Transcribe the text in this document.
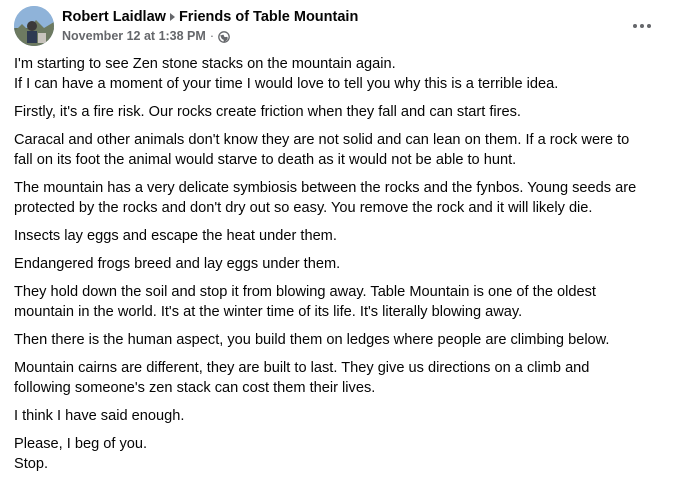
Robert Laidlaw Friends of Table Mountain
November 12 at 1:38 PM ·
I'm starting to see Zen stone stacks on the mountain again.
If I can have a moment of your time I would love to tell you why this is a terrible idea.
Firstly, it's a fire risk. Our rocks create friction when they fall and can start fires.
Caracal and other animals don't know they are not solid and can lean on them. If a rock were to
fall on its foot the animal would starve to death as it would not be able to hunt.
The mountain has a very delicate symbiosis between the rocks and the fynbos. Young seeds are
protected by the rocks and don't dry out so easy. You remove the rock and it will likely die.
Insects lay eggs and escape the heat under them.
Endangered frogs breed and lay eggs under them.
They hold down the soil and stop it from blowing away. Table Mountain is one of the oldest
mountain in the world. It's at the winter time of its life. It's literally blowing away.
Then there is the human aspect, you build them on ledges where people are climbing below.
Mountain cairns are different, they are built to last. They give us directions on a climb and
following someone's zen stack can cost them their lives.
I think I have said enough.
Please, I beg of you.
Stop.
